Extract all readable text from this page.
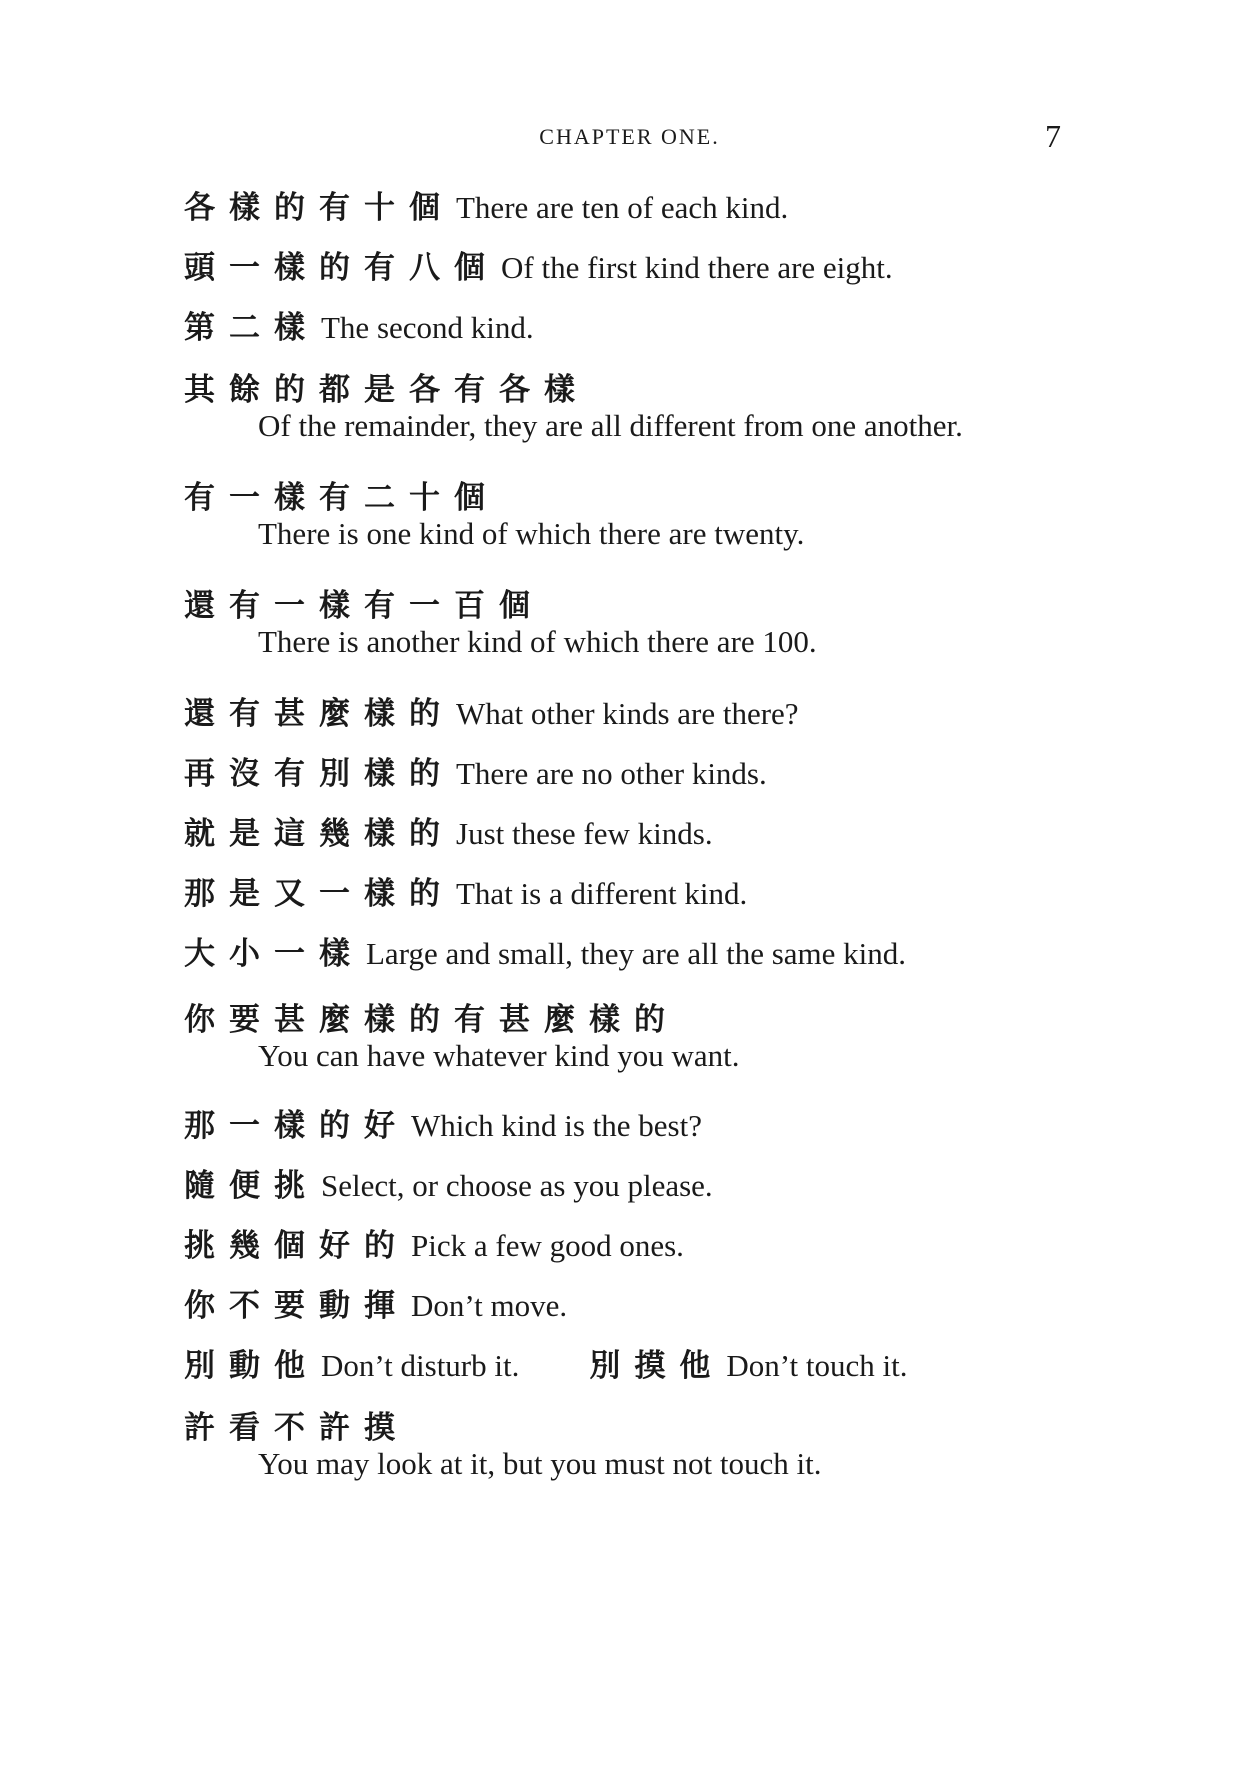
CHAPTER ONE.	7
各樣的有十個 There are ten of each kind.
頭一樣的有八個 Of the first kind there are eight.
第二樣 The second kind.
其餘的都是各有各樣
Of the remainder, they are all different from one another.
有一樣有二十個
There is one kind of which there are twenty.
還有一樣有一百個
There is another kind of which there are 100.
還有甚麼樣的 What other kinds are there?
再沒有別樣的 There are no other kinds.
就是這幾樣的 Just these few kinds.
那是又一樣的 That is a different kind.
大小一樣 Large and small, they are all the same kind.
你要甚麼樣的有甚麼樣的
You can have whatever kind you want.
那一樣的好 Which kind is the best?
隨便挑 Select, or choose as you please.
挑幾個好的 Pick a few good ones.
你不要動揮 Don’t move.
別動他 Don’t disturb it. 別摸他 Don’t touch it.
許看不許摸
You may look at it, but you must not touch it.
